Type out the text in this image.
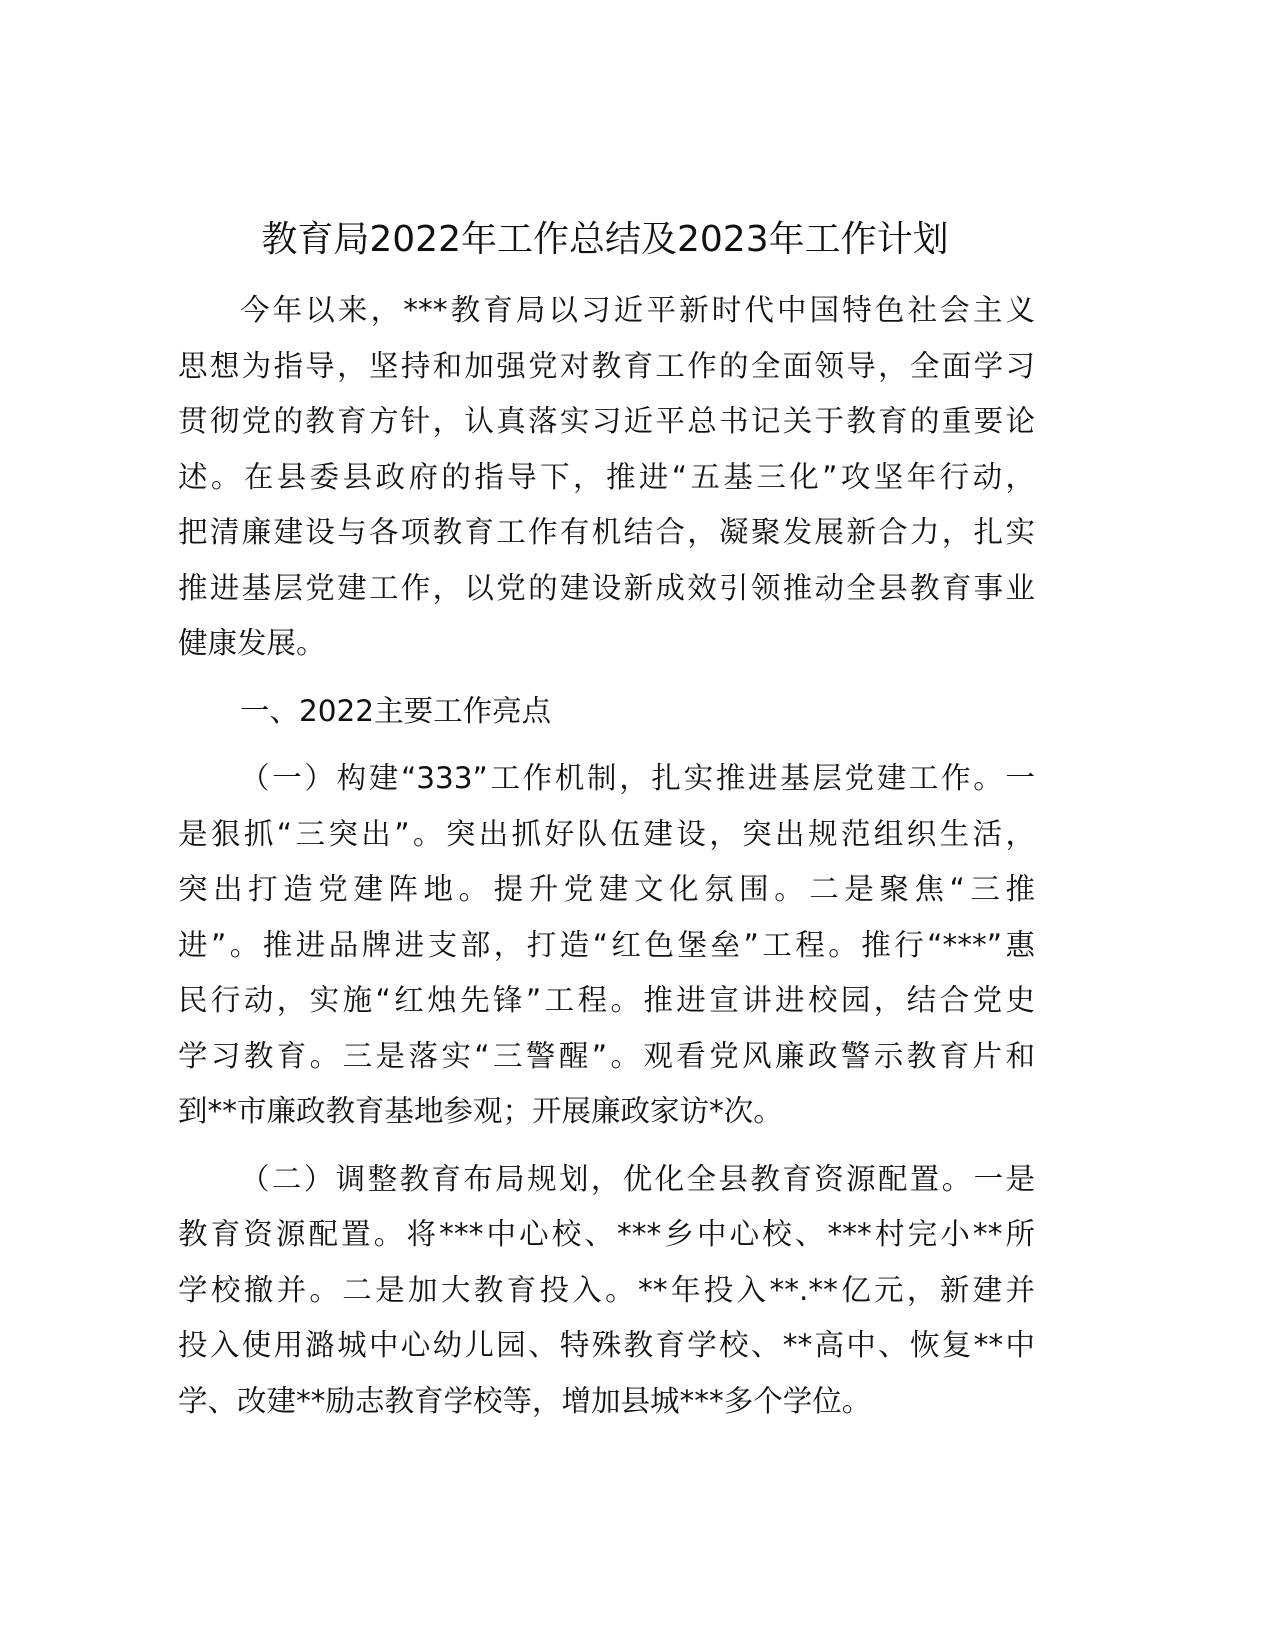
教育局2022年工作总结及2023年工作计划
今年以来，***教育局以习近平新时代中国特色社会主义
思想为指导，坚持和加强党对教育工作的全面领导，全面学习
贯彻党的教育方针，认真落实习近平总书记关于教育的重要论
述。在县委县政府的指导下，推进“五基三化”攻坚年行动，
把清廉建设与各项教育工作有机结合，凝聚发展新合力，扎实
推进基层党建工作，以党的建设新成效引领推动全县教育事业
健康发展。
一、2022主要工作亮点
（一）构建“333”工作机制，扎实推进基层党建工作。一
是狠抓“三突出”。突出抓好队伍建设，突出规范组织生活，
突出打造党建阵地。提升党建文化氛围。二是聚焦“三推
进”。推进品牌进支部，打造“红色堡垒”工程。推行“***”惠
民行动，实施“红烛先锋”工程。推进宣讲进校园，结合党史
学习教育。三是落实“三警醒”。观看党风廉政警示教育片和
到**市廉政教育基地参观；开展廉政家访*次。
（二）调整教育布局规划，优化全县教育资源配置。一是
教育资源配置。将***中心校、***乡中心校、***村完小**所
学校撤并。二是加大教育投入。**年投入**.**亿元，新建并
投入使用潞城中心幼儿园、特殊教育学校、**高中、恢复**中
学、改建**励志教育学校等，增加县城***多个学位。
